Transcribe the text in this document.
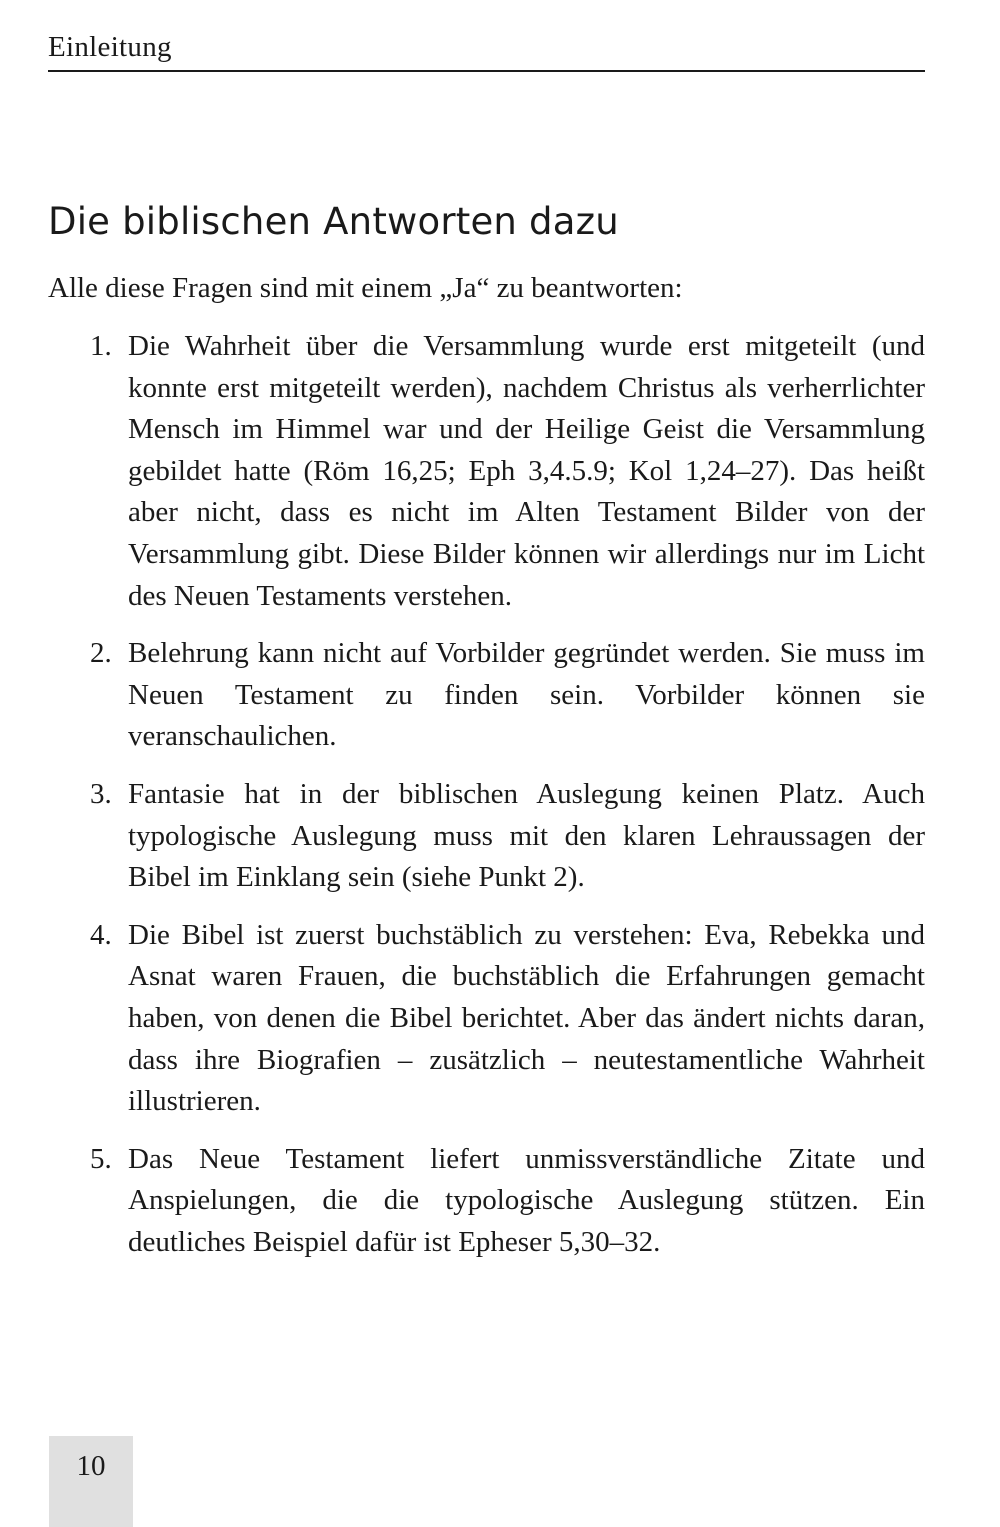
Einleitung
Die biblischen Antworten dazu

Alle diese Fragen sind mit einem „Ja“ zu beantworten:

1. Die Wahrheit über die Versammlung wurde erst mitgeteilt (und konnte erst mitgeteilt werden), nachdem Christus als verherrlichter Mensch im Himmel war und der Heilige Geist die Versammlung gebildet hatte (Röm 16,25; Eph 3,4.5.9; Kol 1,24–27). Das heißt aber nicht, dass es nicht im Alten Testament Bilder von der Versammlung gibt. Diese Bilder können wir allerdings nur im Licht des Neuen Testaments verstehen.
2. Belehrung kann nicht auf Vorbilder gegründet werden. Sie muss im Neuen Testament zu finden sein. Vorbilder können sie veranschaulichen.
3. Fantasie hat in der biblischen Auslegung keinen Platz. Auch typologische Auslegung muss mit den klaren Lehraussagen der Bibel im Einklang sein (siehe Punkt 2).
4. Die Bibel ist zuerst buchstäblich zu verstehen: Eva, Rebekka und Asnat waren Frauen, die buchstäblich die Erfahrungen gemacht haben, von denen die Bibel berichtet. Aber das ändert nichts daran, dass ihre Biografien – zusätzlich – neutestamentliche Wahrheit illustrieren.
5. Das Neue Testament liefert unmissverständliche Zitate und Anspielungen, die die typologische Auslegung stützen. Ein deutliches Beispiel dafür ist Epheser 5,30–32.
10
